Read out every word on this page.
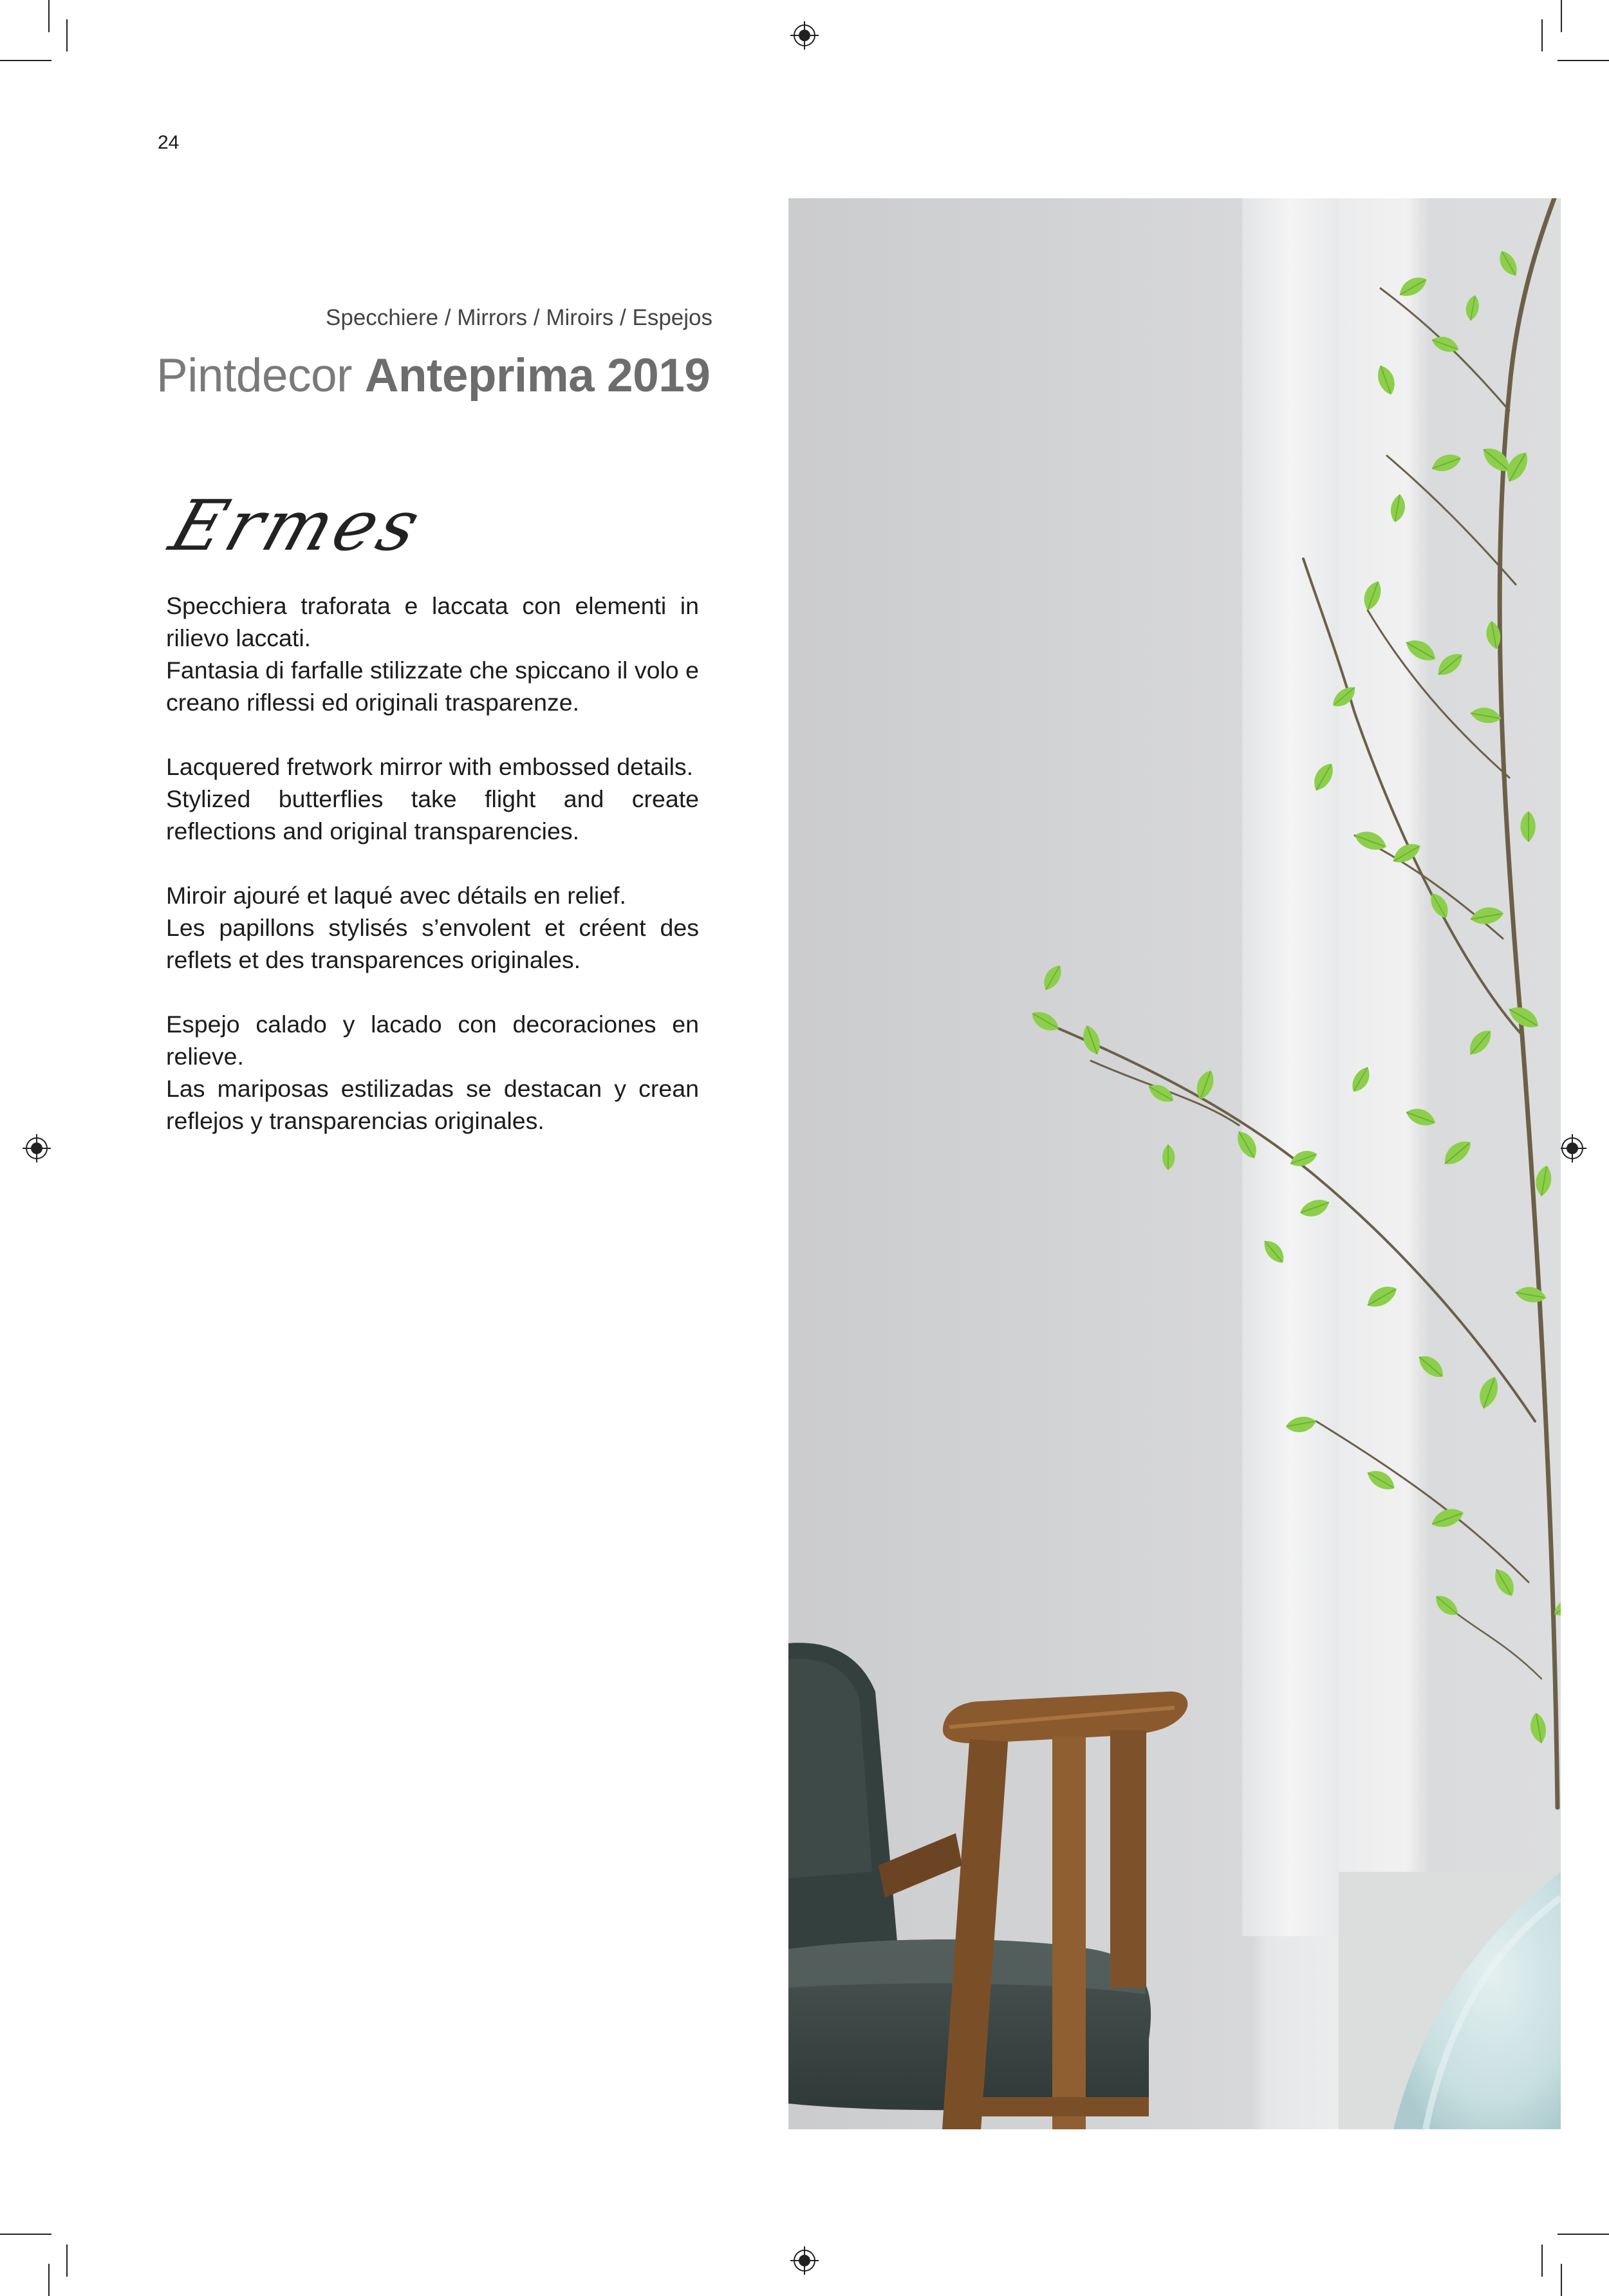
24
Specchiere / Mirrors / Miroirs / Espejos
Pintdecor Anteprima 2019
Ermes

Specchiera traforata e laccata con elementi in rilievo laccati.
Fantasia di farfalle stilizzate che spiccano il volo e creano riflessi ed originali trasparenze.

Lacquered fretwork mirror with embossed details.
Stylized butterflies take flight and create reflections and original transparencies.

Miroir ajouré et laqué avec détails en relief.
Les papillons stylisés s’envolent et créent des reflets et des transparences originales.

Espejo calado y lacado con decoraciones en relieve.
Las mariposas estilizadas se destacan y crean reflejos y transparencias originales.
